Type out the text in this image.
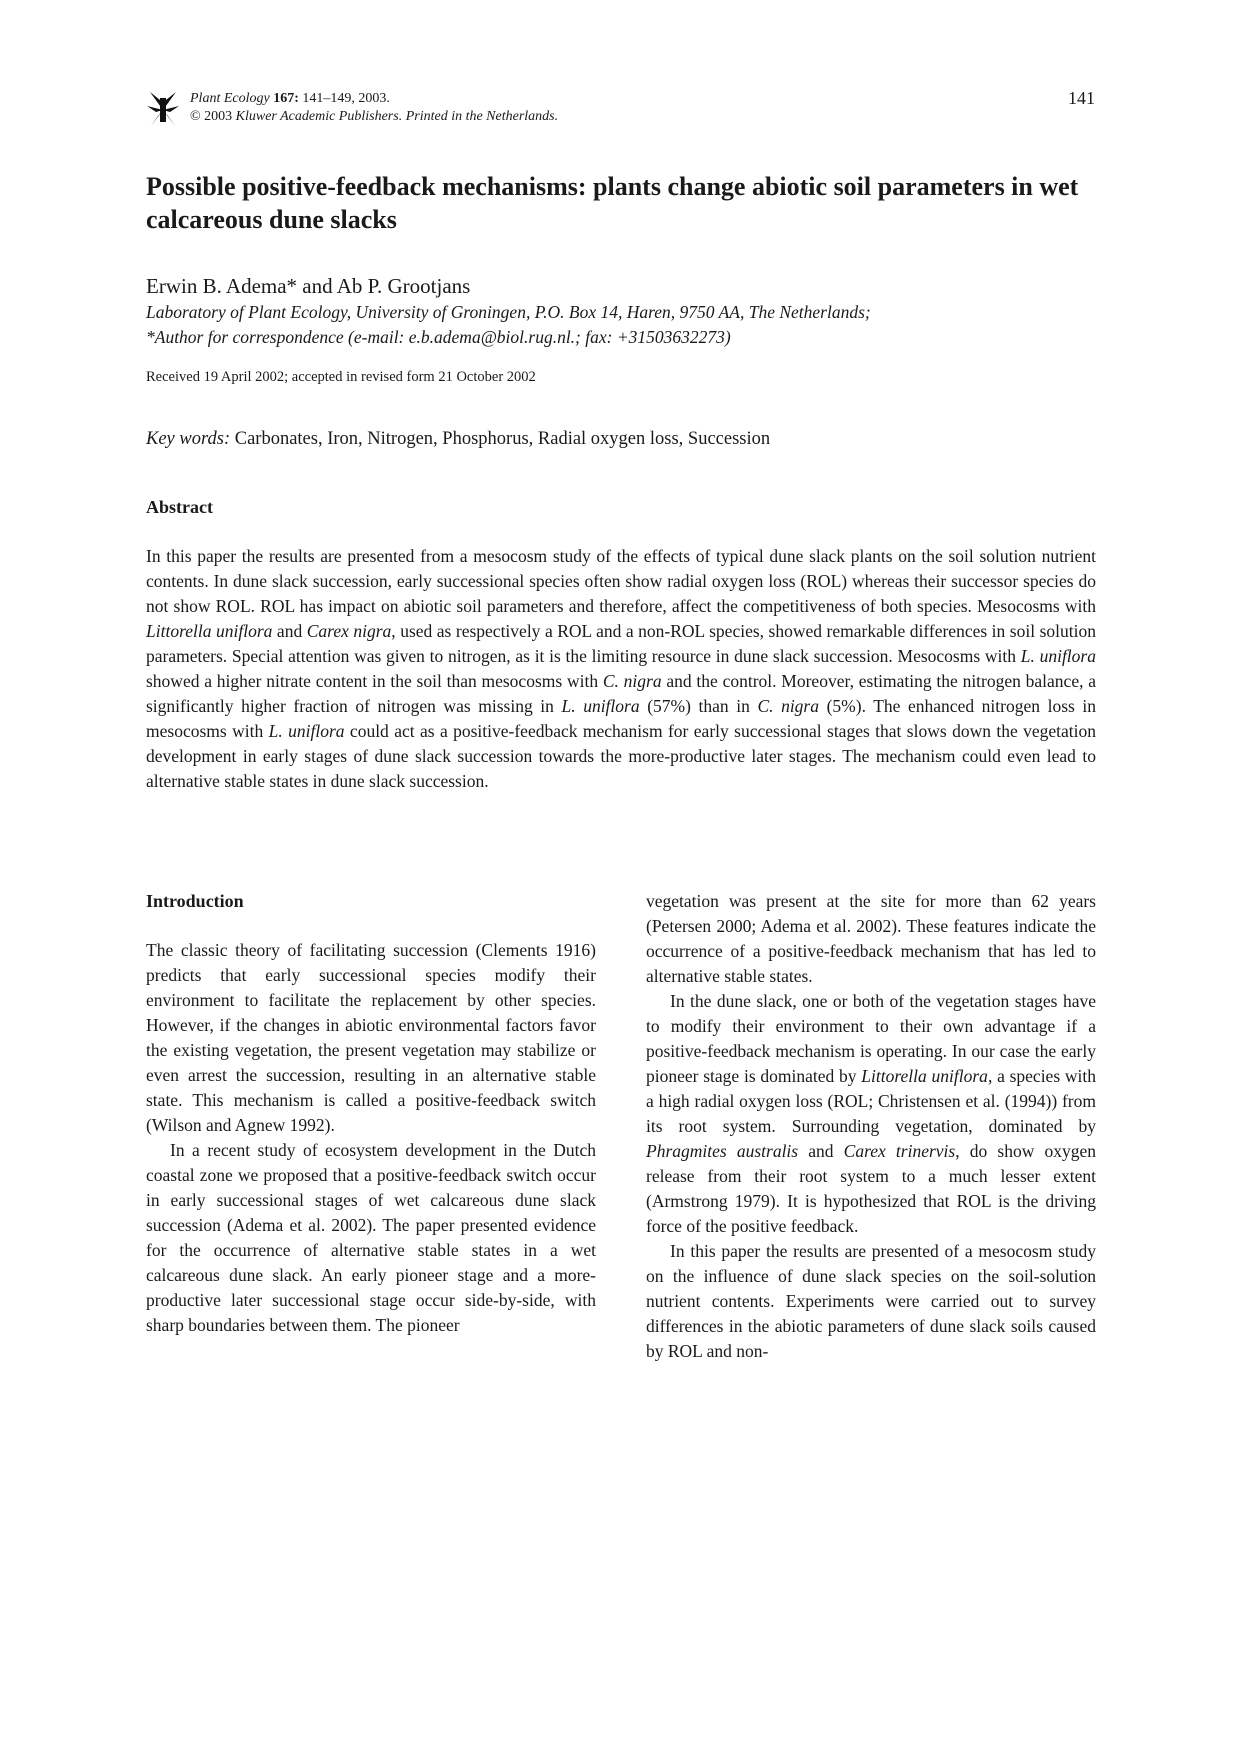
Plant Ecology 167: 141–149, 2003.
© 2003 Kluwer Academic Publishers. Printed in the Netherlands.
141
Possible positive-feedback mechanisms: plants change abiotic soil parameters in wet calcareous dune slacks
Erwin B. Adema* and Ab P. Grootjans
Laboratory of Plant Ecology, University of Groningen, P.O. Box 14, Haren, 9750 AA, The Netherlands;
*Author for correspondence (e-mail: e.b.adema@biol.rug.nl.; fax: +31503632273)
Received 19 April 2002; accepted in revised form 21 October 2002
Key words: Carbonates, Iron, Nitrogen, Phosphorus, Radial oxygen loss, Succession
Abstract

In this paper the results are presented from a mesocosm study of the effects of typical dune slack plants on the soil solution nutrient contents. In dune slack succession, early successional species often show radial oxygen loss (ROL) whereas their successor species do not show ROL. ROL has impact on abiotic soil parameters and therefore, affect the competitiveness of both species. Mesocosms with Littorella uniflora and Carex nigra, used as respectively a ROL and a non-ROL species, showed remarkable differences in soil solution parameters. Special attention was given to nitrogen, as it is the limiting resource in dune slack succession. Mesocosms with L. uniflora showed a higher nitrate content in the soil than mesocosms with C. nigra and the control. Moreover, estimating the nitrogen balance, a significantly higher fraction of nitrogen was missing in L. uniflora (57%) than in C. nigra (5%). The enhanced nitrogen loss in mesocosms with L. uniflora could act as a positive-feedback mechanism for early successional stages that slows down the vegetation development in early stages of dune slack succession towards the more-productive later stages. The mechanism could even lead to alternative stable states in dune slack succession.

Introduction

The classic theory of facilitating succession (Clements 1916) predicts that early successional species modify their environment to facilitate the replacement by other species. However, if the changes in abiotic environmental factors favor the existing vegetation, the present vegetation may stabilize or even arrest the succession, resulting in an alternative stable state. This mechanism is called a positive-feedback switch (Wilson and Agnew 1992).

In a recent study of ecosystem development in the Dutch coastal zone we proposed that a positive-feedback switch occur in early successional stages of wet calcareous dune slack succession (Adema et al. 2002). The paper presented evidence for the occurrence of alternative stable states in a wet calcareous dune slack. An early pioneer stage and a more-productive later successional stage occur side-by-side, with sharp boundaries between them. The pioneer

vegetation was present at the site for more than 62 years (Petersen 2000; Adema et al. 2002). These features indicate the occurrence of a positive-feedback mechanism that has led to alternative stable states.

In the dune slack, one or both of the vegetation stages have to modify their environment to their own advantage if a positive-feedback mechanism is operating. In our case the early pioneer stage is dominated by Littorella uniflora, a species with a high radial oxygen loss (ROL; Christensen et al. (1994)) from its root system. Surrounding vegetation, dominated by Phragmites australis and Carex trinervis, do show oxygen release from their root system to a much lesser extent (Armstrong 1979). It is hypothesized that ROL is the driving force of the positive feedback.

In this paper the results are presented of a mesocosm study on the influence of dune slack species on the soil-solution nutrient contents. Experiments were carried out to survey differences in the abiotic parameters of dune slack soils caused by ROL and non-
